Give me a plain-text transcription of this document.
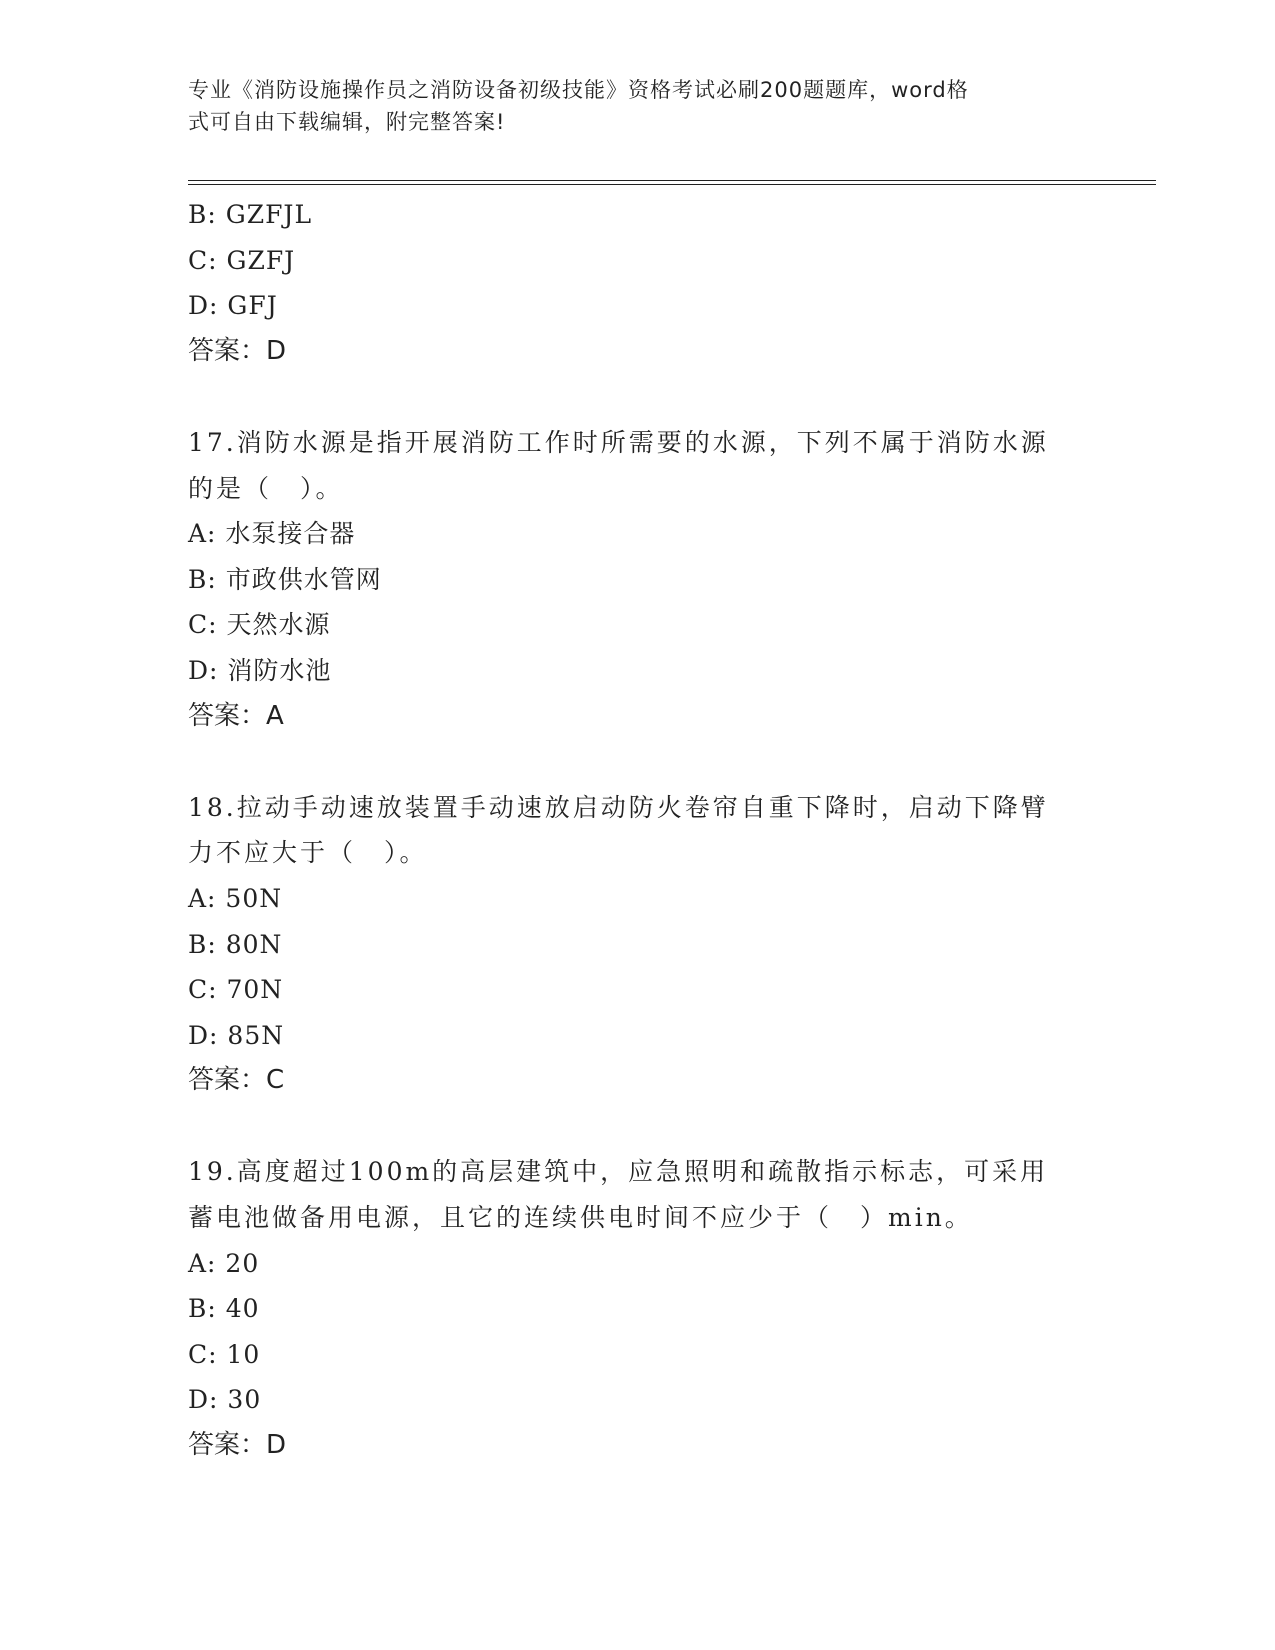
专业《消防设施操作员之消防设备初级技能》资格考试必刷200题题库，word格
式可自由下载编辑，附完整答案!
B: GZFJL
C: GZFJ
D: GFJ
答案：D
17.消防水源是指开展消防工作时所需要的水源，下列不属于消防水源
的是（　）。
A: 水泵接合器
B: 市政供水管网
C: 天然水源
D: 消防水池
答案：A
18.拉动手动速放装置手动速放启动防火卷帘自重下降时，启动下降臂
力不应大于（　）。
A: 50N
B: 80N
C: 70N
D: 85N
答案：C
19.高度超过100m的高层建筑中，应急照明和疏散指示标志，可采用
蓄电池做备用电源，且它的连续供电时间不应少于（　）min。
A: 20
B: 40
C: 10
D: 30
答案：D
